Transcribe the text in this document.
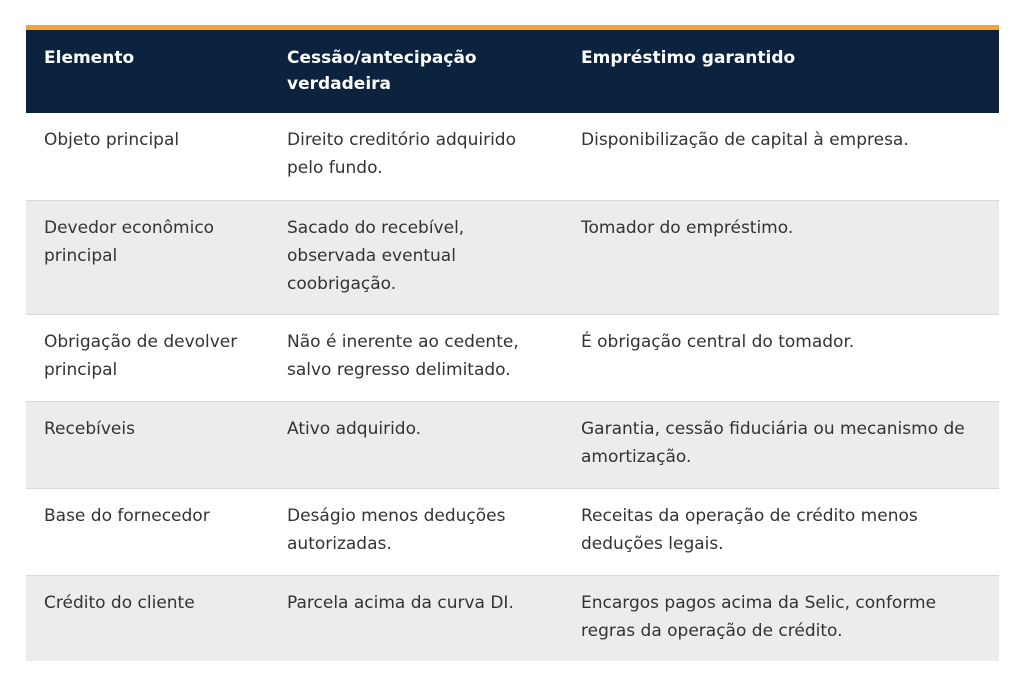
Elemento	Cessão/antecipação verdadeira	Empréstimo garantido
Objeto principal	Direito creditório adquirido pelo fundo.	Disponibilização de capital à empresa.
Devedor econômico principal	Sacado do recebível, observada eventual coobrigação.	Tomador do empréstimo.
Obrigação de devolver principal	Não é inerente ao cedente, salvo regresso delimitado.	É obrigação central do tomador.
Recebíveis	Ativo adquirido.	Garantia, cessão fiduciária ou mecanismo de amortização.
Base do fornecedor	Deságio menos deduções autorizadas.	Receitas da operação de crédito menos deduções legais.
Crédito do cliente	Parcela acima da curva DI.	Encargos pagos acima da Selic, conforme regras da operação de crédito.
